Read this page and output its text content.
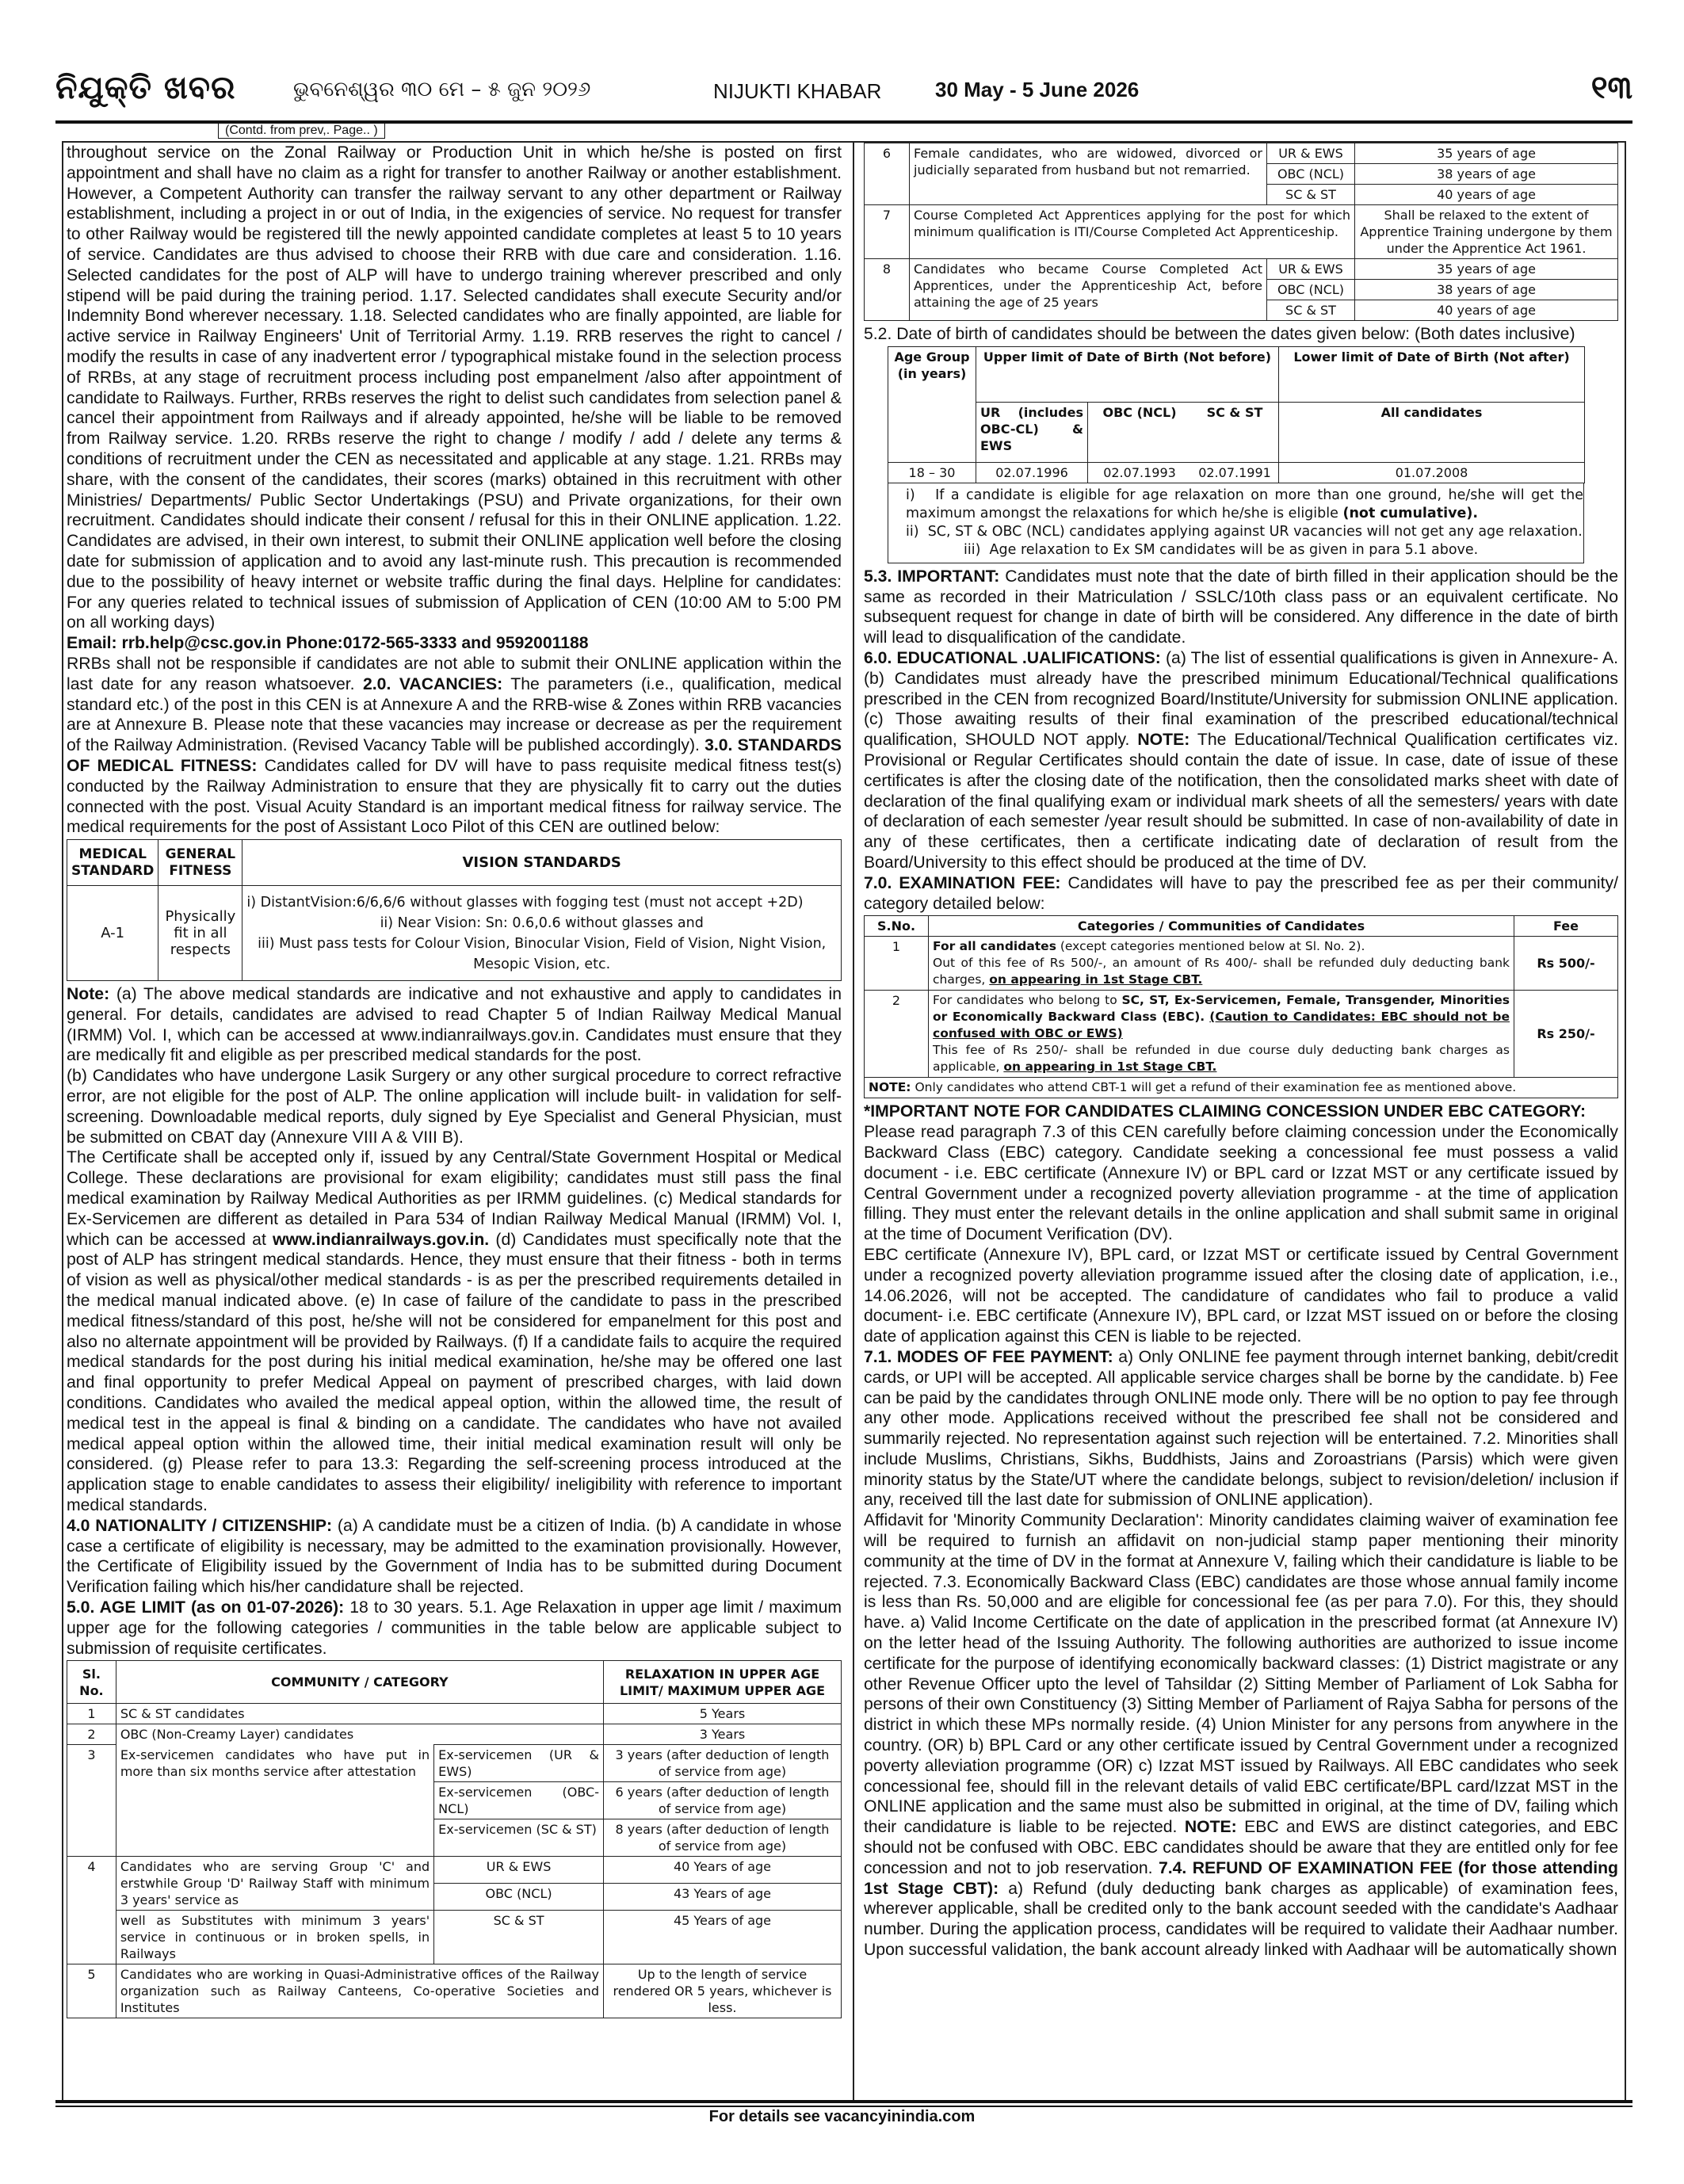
ନିଯୁକ୍ତି ଖବର	ଭୁବନେଶ୍ୱର ୩୦ ମେ – ୫ ଜୁନ ୨୦୨୬	NIJUKTI KHABAR	30 May - 5 June 2026	୧୩
(Contd. from prev,. Page.. )

throughout service on the Zonal Railway or Production Unit in which he/she is posted on first appointment and shall have no claim as a right for transfer to another Railway or another establishment. However, a Competent Authority can transfer the railway servant to any other department or Railway establishment, including a project in or out of India, in the exigencies of service. No request for transfer to other Railway would be registered till the newly appointed candidate completes at least 5 to 10 years of service. Candidates are thus advised to choose their RRB with due care and consideration. 1.16. Selected candidates for the post of ALP will have to undergo training wherever prescribed and only stipend will be paid during the training period. 1.17. Selected candidates shall execute Security and/or Indemnity Bond wherever necessary. 1.18. Selected candidates who are finally appointed, are liable for active service in Railway Engineers' Unit of Territorial Army. 1.19. RRB reserves the right to cancel / modify the results in case of any inadvertent error / typographical mistake found in the selection process of RRBs, at any stage of recruitment process including post empanelment /also after appointment of candidate to Railways. Further, RRBs reserves the right to delist such candidates from selection panel & cancel their appointment from Railways and if already appointed, he/she will be liable to be removed from Railway service. 1.20. RRBs reserve the right to change / modify / add / delete any terms & conditions of recruitment under the CEN as necessitated and applicable at any stage. 1.21. RRBs may share, with the consent of the candidates, their scores (marks) obtained in this recruitment with other Ministries/ Departments/ Public Sector Undertakings (PSU) and Private organizations, for their own recruitment. Candidates should indicate their consent / refusal for this in their ONLINE application. 1.22. Candidates are advised, in their own interest, to submit their ONLINE application well before the closing date for submission of application and to avoid any last-minute rush. This precaution is recommended due to the possibility of heavy internet or website traffic during the final days. Helpline for candidates: For any queries related to technical issues of submission of Application of CEN (10:00 AM to 5:00 PM on all working days)

Email: rrb.help@csc.gov.in Phone:0172-565-3333 and 9592001188

RRBs shall not be responsible if candidates are not able to submit their ONLINE application within the last date for any reason whatsoever. 2.0. VACANCIES: The parameters (i.e., qualification, medical standard etc.) of the post in this CEN is at Annexure A and the RRB-wise & Zones within RRB vacancies are at Annexure B. Please note that these vacancies may increase or decrease as per the requirement of the Railway Administration. (Revised Vacancy Table will be published accordingly). 3.0. STANDARDS OF MEDICAL FITNESS: Candidates called for DV will have to pass requisite medical fitness test(s) conducted by the Railway Administration to ensure that they are physically fit to carry out the duties connected with the post. Visual Acuity Standard is an important medical fitness for railway service. The medical requirements for the post of Assistant Loco Pilot of this CEN are outlined below:

MEDICAL STANDARD	GENERAL FITNESS	VISION STANDARDS
A-1	Physically fit in all respects	i) DistantVision:6/6,6/6 without glasses with fogging test (must not accept +2D)
ii) Near Vision: Sn: 0.6,0.6 without glasses and
iii) Must pass tests for Colour Vision, Binocular Vision, Field of Vision, Night Vision, Mesopic Vision, etc.

Note: (a) The above medical standards are indicative and not exhaustive and apply to candidates in general. For details, candidates are advised to read Chapter 5 of Indian Railway Medical Manual (IRMM) Vol. I, which can be accessed at www.indianrailways.gov.in. Candidates must ensure that they are medically fit and eligible as per prescribed medical standards for the post.

(b) Candidates who have undergone Lasik Surgery or any other surgical procedure to correct refractive error, are not eligible for the post of ALP. The online application will include built- in validation for self-screening. Downloadable medical reports, duly signed by Eye Specialist and General Physician, must be submitted on CBAT day (Annexure VIII A & VIII B).

The Certificate shall be accepted only if, issued by any Central/State Government Hospital or Medical College. These declarations are provisional for exam eligibility; candidates must still pass the final medical examination by Railway Medical Authorities as per IRMM guidelines. (c) Medical standards for Ex-Servicemen are different as detailed in Para 534 of Indian Railway Medical Manual (IRMM) Vol. I, which can be accessed at www.indianrailways.gov.in. (d) Candidates must specifically note that the post of ALP has stringent medical standards. Hence, they must ensure that their fitness - both in terms of vision as well as physical/other medical standards - is as per the prescribed requirements detailed in the medical manual indicated above. (e) In case of failure of the candidate to pass in the prescribed medical fitness/standard of this post, he/she will not be considered for empanelment for this post and also no alternate appointment will be provided by Railways. (f) If a candidate fails to acquire the required medical standards for the post during his initial medical examination, he/she may be offered one last and final opportunity to prefer Medical Appeal on payment of prescribed charges, with laid down conditions. Candidates who availed the medical appeal option, within the allowed time, the result of medical test in the appeal is final & binding on a candidate. The candidates who have not availed medical appeal option within the allowed time, their initial medical examination result will only be considered. (g) Please refer to para 13.3: Regarding the self-screening process introduced at the application stage to enable candidates to assess their eligibility/ ineligibility with reference to important medical standards.

4.0 NATIONALITY / CITIZENSHIP: (a) A candidate must be a citizen of India. (b) A candidate in whose case a certificate of eligibility is necessary, may be admitted to the examination provisionally. However, the Certificate of Eligibility issued by the Government of India has to be submitted during Document Verification failing which his/her candidature shall be rejected.

5.0. AGE LIMIT (as on 01-07-2026): 18 to 30 years. 5.1. Age Relaxation in upper age limit / maximum upper age for the following categories / communities in the table below are applicable subject to submission of requisite certificates.

Sl. No.	COMMUNITY / CATEGORY		RELAXATION IN UPPER AGE LIMIT/ MAXIMUM UPPER AGE
1	SC & ST candidates		5 Years
2	OBC (Non-Creamy Layer) candidates		3 Years
3	Ex-servicemen candidates who have put in more than six months service after attestation	Ex-servicemen (UR & EWS)	3 years (after deduction of length of service from age)
		Ex-servicemen (OBC-NCL)	6 years (after deduction of length of service from age)
		Ex-servicemen (SC & ST)	8 years (after deduction of length of service from age)
4	Candidates who are serving Group 'C' and erstwhile Group 'D' Railway Staff with minimum 3 years' service as	UR & EWS	40 Years of age
		OBC (NCL)	43 Years of age
	well as Substitutes with minimum 3 years' service in continuous or in broken spells, in Railways	SC & ST	45 Years of age
5	Candidates who are working in Quasi-Administrative offices of the Railway organization such as Railway Canteens, Co-operative Societies and Institutes		Up to the length of service rendered OR 5 years, whichever is less.
6	Female candidates, who are widowed, divorced or judicially separated from husband but not remarried.	UR & EWS	35 years of age
		OBC (NCL)	38 years of age
		SC & ST	40 years of age
7	Course Completed Act Apprentices applying for the post for which minimum qualification is ITI/Course Completed Act Apprenticeship.		Shall be relaxed to the extent of Apprentice Training undergone by them under the Apprentice Act 1961.
8	Candidates who became Course Completed Act Apprentices, under the Apprenticeship Act, before attaining the age of 25 years	UR & EWS	35 years of age
		OBC (NCL)	38 years of age
		SC & ST	40 years of age

5.2. Date of birth of candidates should be between the dates given below: (Both dates inclusive)

Age Group (in years)	Upper limit of Date of Birth (Not before)			Lower limit of Date of Birth (Not after)
	UR (includes OBC-CL) & EWS	OBC (NCL)	SC & ST	All candidates
18 – 30	02.07.1996	02.07.1993	02.07.1991	01.07.2008
i)   If a candidate is eligible for age relaxation on more than one ground, he/she will get the maximum amongst the relaxations for which he/she is eligible (not cumulative).
ii)  SC, ST & OBC (NCL) candidates applying against UR vacancies will not get any age relaxation.
iii)  Age relaxation to Ex SM candidates will be as given in para 5.1 above.

5.3. IMPORTANT: Candidates must note that the date of birth filled in their application should be the same as recorded in their Matriculation / SSLC/10th class pass or an equivalent certificate. No subsequent request for change in date of birth will be considered. Any difference in the date of birth will lead to disqualification of the candidate.

6.0. EDUCATIONAL .UALIFICATIONS: (a) The list of essential qualifications is given in Annexure- A. (b) Candidates must already have the prescribed minimum Educational/Technical qualifications prescribed in the CEN from recognized Board/Institute/University for submission ONLINE application. (c) Those awaiting results of their final examination of the prescribed educational/technical qualification, SHOULD NOT apply. NOTE: The Educational/Technical Qualification certificates viz. Provisional or Regular Certificates should contain the date of issue. In case, date of issue of these certificates is after the closing date of the notification, then the consolidated marks sheet with date of declaration of the final qualifying exam or individual mark sheets of all the semesters/ years with date of declaration of each semester /year result should be submitted. In case of non-availability of date in any of these certificates, then a certificate indicating date of declaration of result from the Board/University to this effect should be produced at the time of DV.

7.0. EXAMINATION FEE: Candidates will have to pay the prescribed fee as per their community/ category detailed below:

S.No.	Categories / Communities of Candidates	Fee
1	For all candidates (except categories mentioned below at Sl. No. 2).
Out of this fee of Rs 500/-, an amount of Rs 400/- shall be refunded duly deducting bank charges, on appearing in 1st Stage CBT.	Rs 500/-
2	For candidates who belong to SC, ST, Ex-Servicemen, Female, Transgender, Minorities or Economically Backward Class (EBC). (Caution to Candidates: EBC should not be confused with OBC or EWS)
This fee of Rs 250/- shall be refunded in due course duly deducting bank charges as applicable, on appearing in 1st Stage CBT.	Rs 250/-
NOTE: Only candidates who attend CBT-1 will get a refund of their examination fee as mentioned above.		

*IMPORTANT NOTE FOR CANDIDATES CLAIMING CONCESSION UNDER EBC CATEGORY:

Please read paragraph 7.3 of this CEN carefully before claiming concession under the Economically Backward Class (EBC) category. Candidate seeking a concessional fee must possess a valid document - i.e. EBC certificate (Annexure IV) or BPL card or Izzat MST or any certificate issued by Central Government under a recognized poverty alleviation programme - at the time of application filling. They must enter the relevant details in the online application and shall submit same in original at the time of Document Verification (DV).

EBC certificate (Annexure IV), BPL card, or Izzat MST or certificate issued by Central Government under a recognized poverty alleviation programme issued after the closing date of application, i.e., 14.06.2026, will not be accepted. The candidature of candidates who fail to produce a valid document- i.e. EBC certificate (Annexure IV), BPL card, or Izzat MST issued on or before the closing date of application against this CEN is liable to be rejected.

7.1. MODES OF FEE PAYMENT: a) Only ONLINE fee payment through internet banking, debit/credit cards, or UPI will be accepted. All applicable service charges shall be borne by the candidate. b) Fee can be paid by the candidates through ONLINE mode only. There will be no option to pay fee through any other mode. Applications received without the prescribed fee shall not be considered and summarily rejected. No representation against such rejection will be entertained. 7.2. Minorities shall include Muslims, Christians, Sikhs, Buddhists, Jains and Zoroastrians (Parsis) which were given minority status by the State/UT where the candidate belongs, subject to revision/deletion/ inclusion if any, received till the last date for submission of ONLINE application).

Affidavit for 'Minority Community Declaration': Minority candidates claiming waiver of examination fee will be required to furnish an affidavit on non-judicial stamp paper mentioning their minority community at the time of DV in the format at Annexure V, failing which their candidature is liable to be rejected. 7.3. Economically Backward Class (EBC) candidates are those whose annual family income is less than Rs. 50,000 and are eligible for concessional fee (as per para 7.0). For this, they should have. a) Valid Income Certificate on the date of application in the prescribed format (at Annexure IV) on the letter head of the Issuing Authority. The following authorities are authorized to issue income certificate for the purpose of identifying economically backward classes: (1) District magistrate or any other Revenue Officer upto the level of Tahsildar (2) Sitting Member of Parliament of Lok Sabha for persons of their own Constituency (3) Sitting Member of Parliament of Rajya Sabha for persons of the district in which these MPs normally reside. (4) Union Minister for any persons from anywhere in the country. (OR) b) BPL Card or any other certificate issued by Central Government under a recognized poverty alleviation programme (OR) c) Izzat MST issued by Railways. All EBC candidates who seek concessional fee, should fill in the relevant details of valid EBC certificate/BPL card/Izzat MST in the ONLINE application and the same must also be submitted in original, at the time of DV, failing which their candidature is liable to be rejected. NOTE: EBC and EWS are distinct categories, and EBC should not be confused with OBC. EBC candidates should be aware that they are entitled only for fee concession and not to job reservation. 7.4. REFUND OF EXAMINATION FEE (for those attending 1st Stage CBT): a) Refund (duly deducting bank charges as applicable) of examination fees, wherever applicable, shall be credited only to the bank account seeded with the candidate's Aadhaar number. During the application process, candidates will be required to validate their Aadhaar number. Upon successful validation, the bank account already linked with Aadhaar will be automatically shown

For details see vacancyinindia.com
